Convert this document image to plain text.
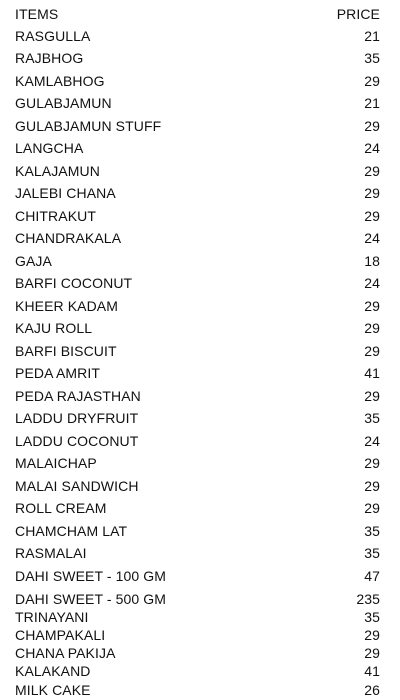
ITEMS	PRICE
RASGULLA	21
RAJBHOG	35
KAMLABHOG	29
GULABJAMUN	21
GULABJAMUN STUFF	29
LANGCHA	24
KALAJAMUN	29
JALEBI CHANA	29
CHITRAKUT	29
CHANDRAKALA	24
GAJA	18
BARFI COCONUT	24
KHEER KADAM	29
KAJU ROLL	29
BARFI BISCUIT	29
PEDA AMRIT	41
PEDA RAJASTHAN	29
LADDU DRYFRUIT	35
LADDU COCONUT	24
MALAICHAP	29
MALAI SANDWICH	29
ROLL CREAM	29
CHAMCHAM LAT	35
RASMALAI	35
DAHI SWEET - 100 GM	47
DAHI SWEET - 500 GM	235
TRINAYANI	35
CHAMPAKALI	29
CHANA PAKIJA	29
KALAKAND	41
MILK CAKE	26
